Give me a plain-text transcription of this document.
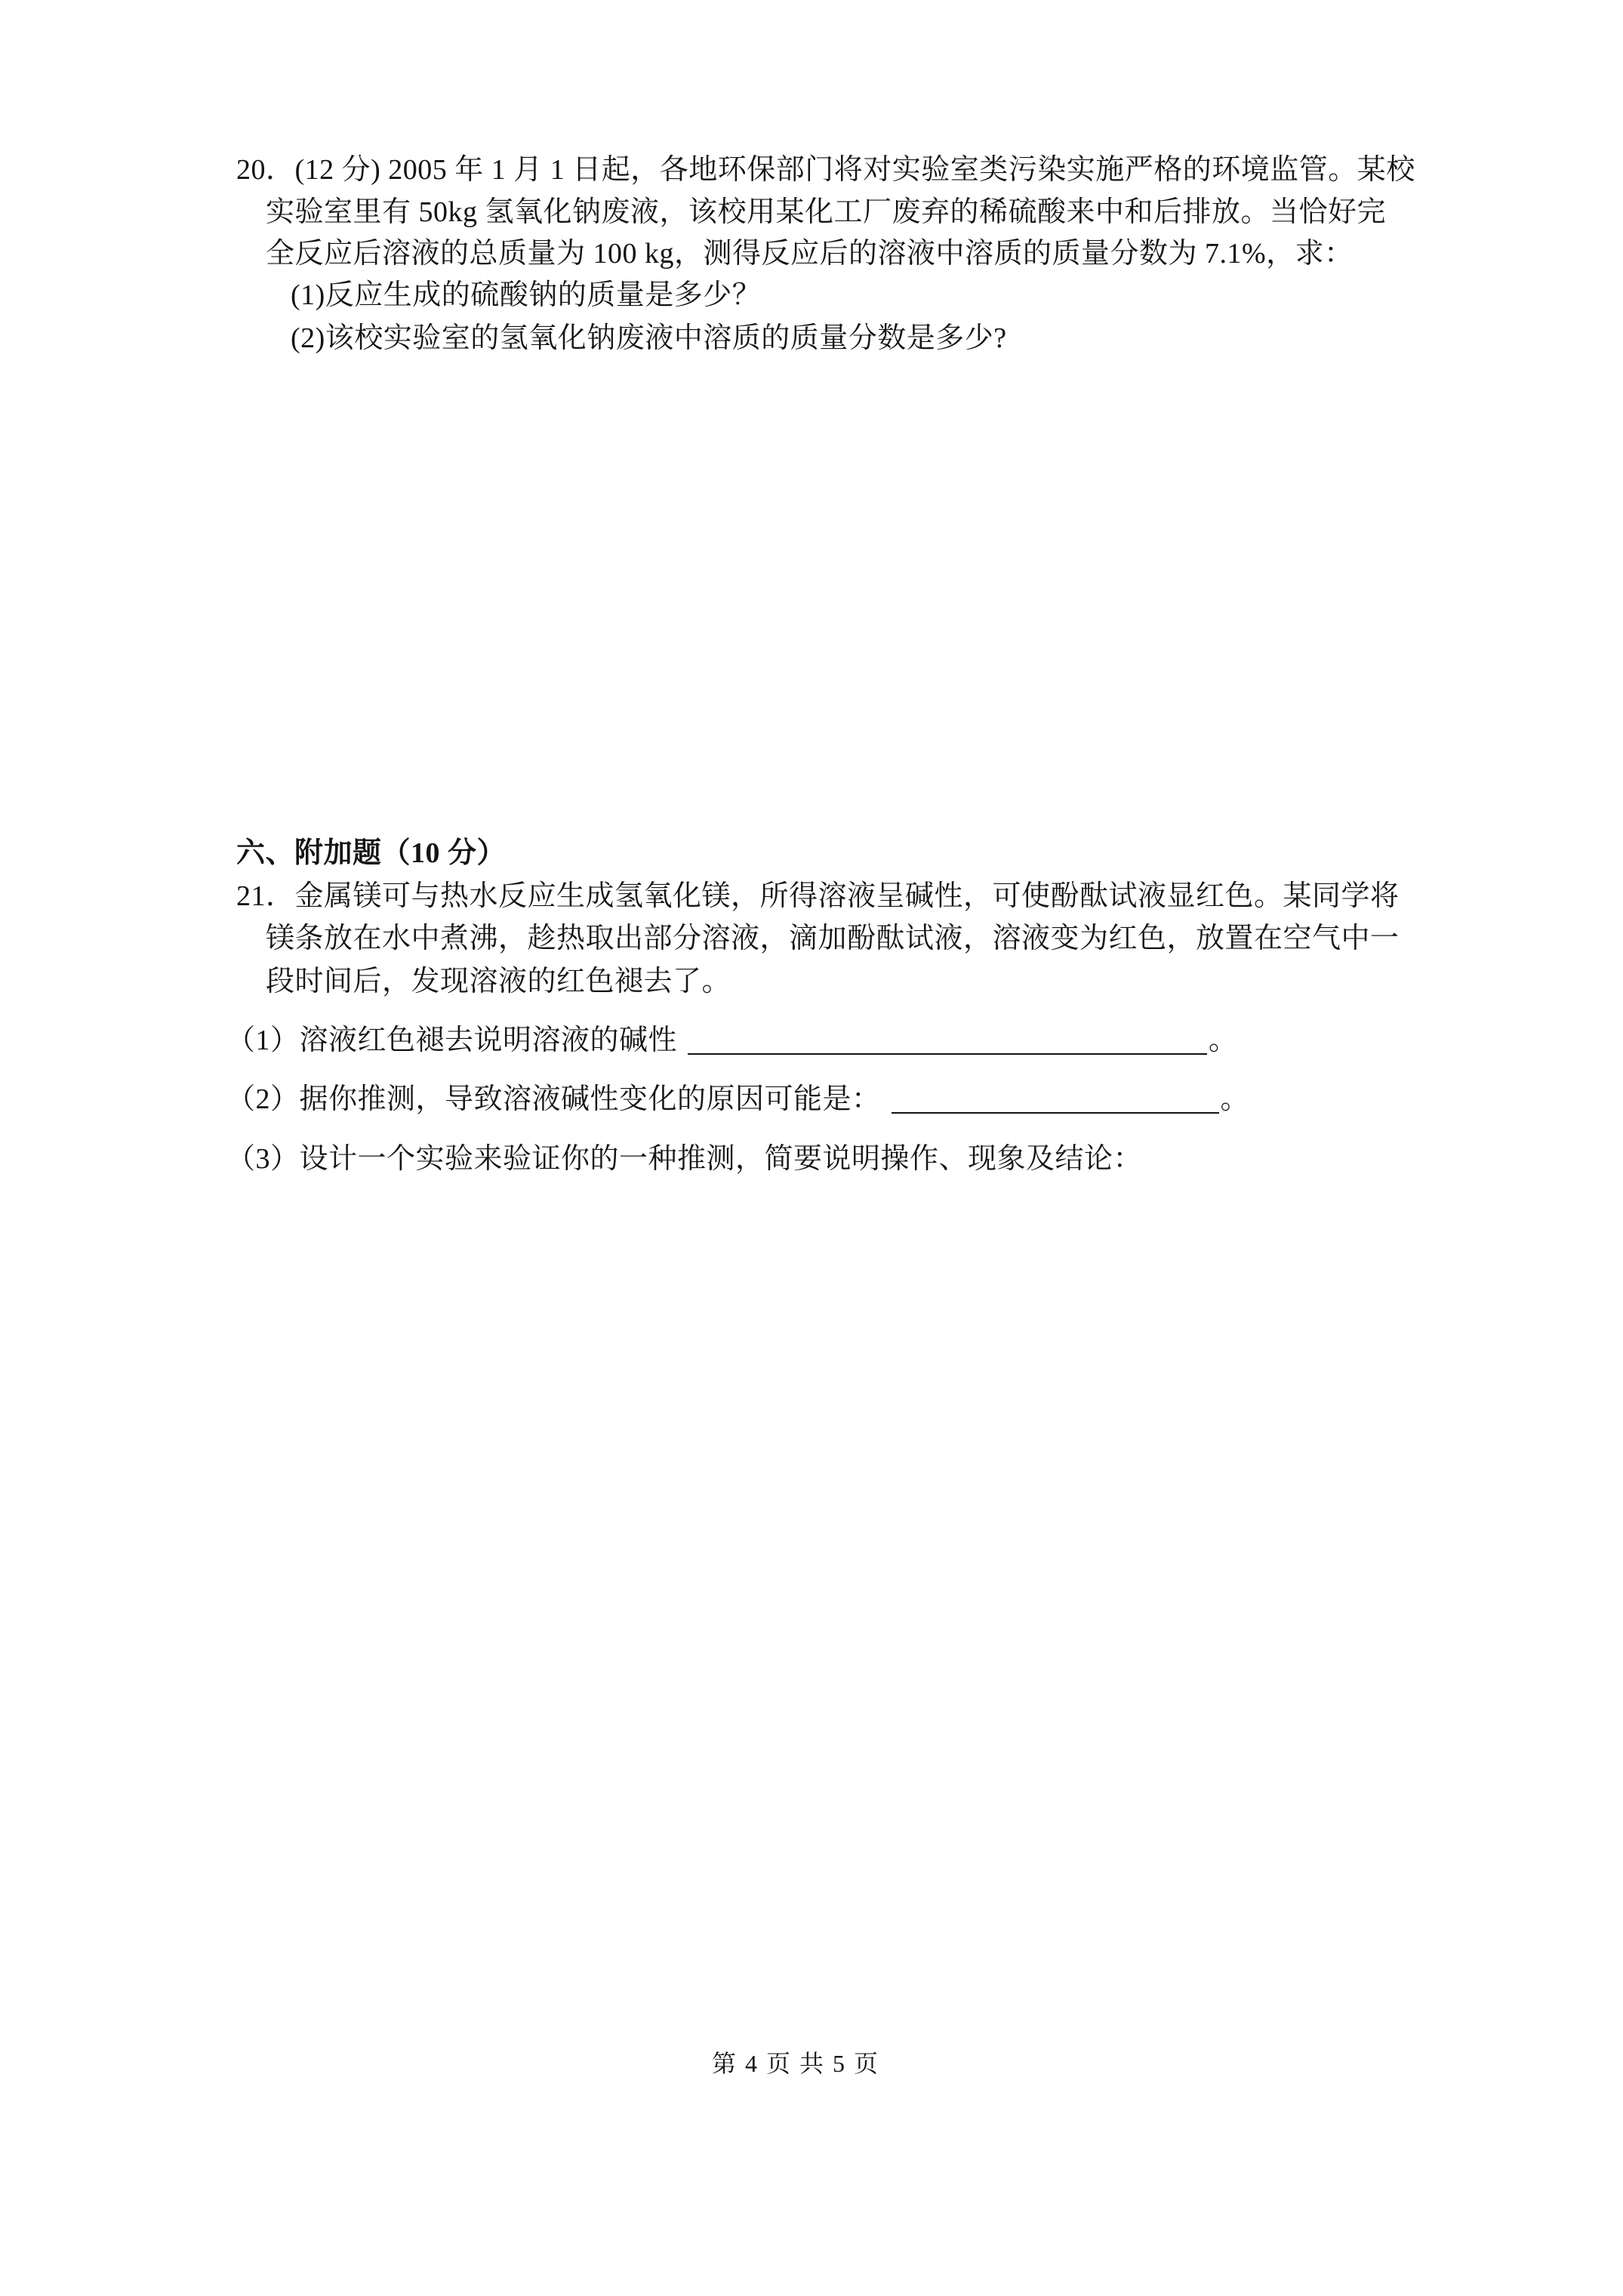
20．(12 分) 2005 年 1 月 1 日起，各地环保部门将对实验室类污染实施严格的环境监管。某校
实验室里有 50kg 氢氧化钠废液，该校用某化工厂废弃的稀硫酸来中和后排放。当恰好完
全反应后溶液的总质量为 100 kg，测得反应后的溶液中溶质的质量分数为 7.1%，求：
(1)反应生成的硫酸钠的质量是多少？
(2)该校实验室的氢氧化钠废液中溶质的质量分数是多少?
六、附加题（10 分）
21．金属镁可与热水反应生成氢氧化镁，所得溶液呈碱性，可使酚酞试液显红色。某同学将
镁条放在水中煮沸，趁热取出部分溶液，滴加酚酞试液，溶液变为红色，放置在空气中一
段时间后，发现溶液的红色褪去了。
（1）溶液红色褪去说明溶液的碱性	。
（2）据你推测，导致溶液碱性变化的原因可能是：	。
（3）设计一个实验来验证你的一种推测，简要说明操作、现象及结论：
第 4 页 共 5 页
